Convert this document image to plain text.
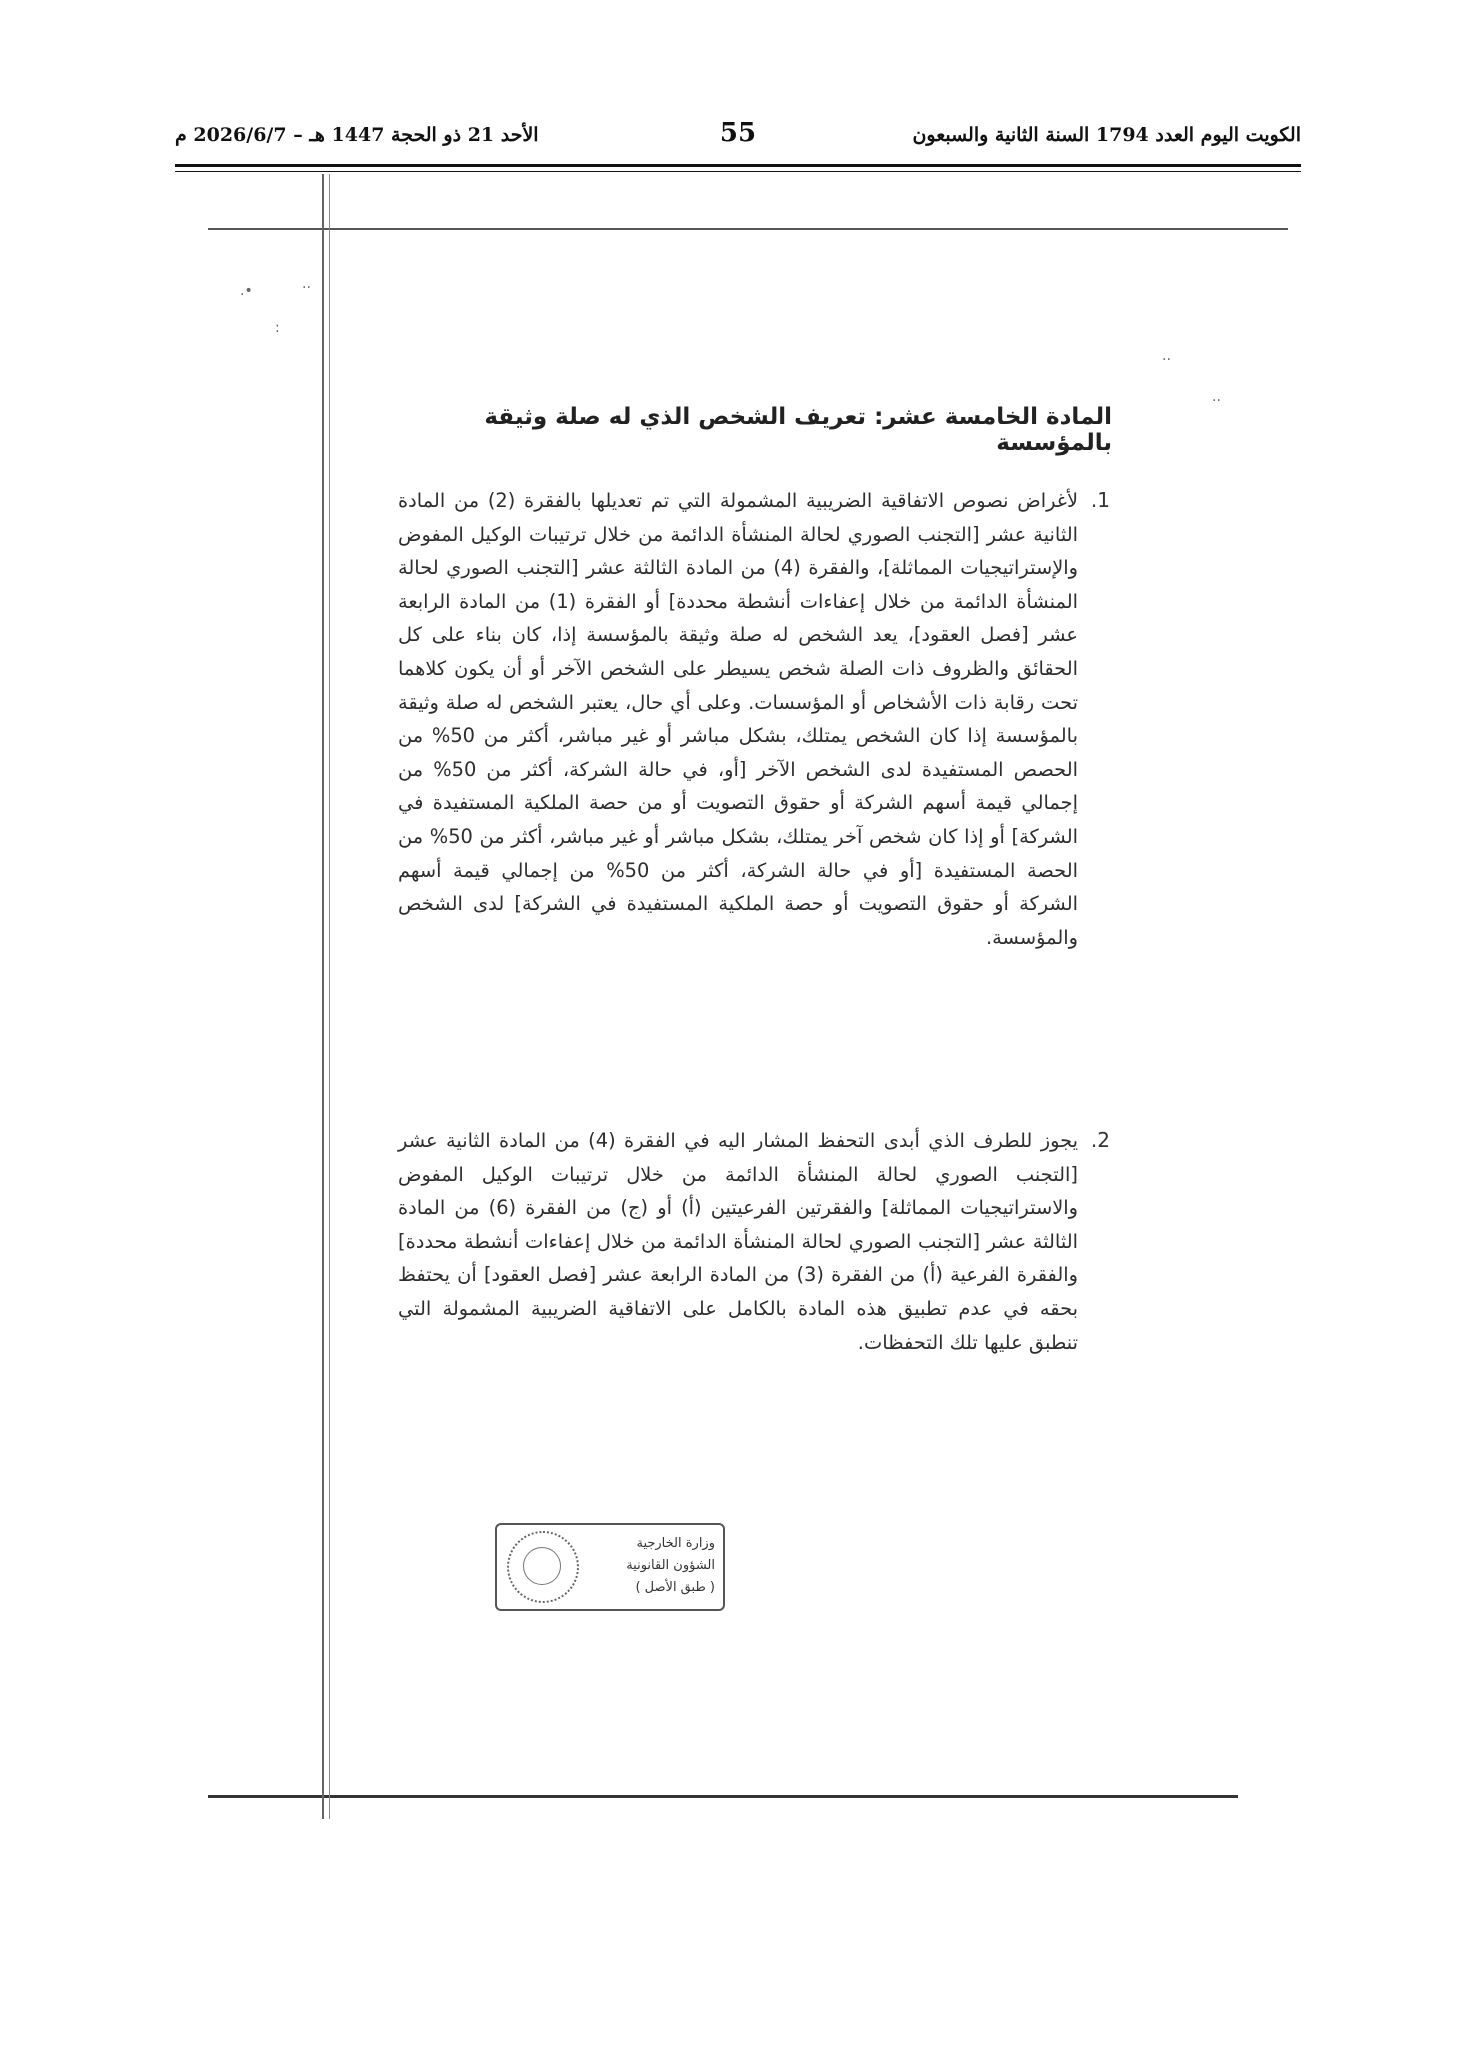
الكويت اليوم العدد 1794 السنة الثانية والسبعون
55
الأحد 21 ذو الحجة 1447 هـ – 2026/6/7 م
•.	··
:
··
··
المادة الخامسة عشر: تعريف الشخص الذي له صلة وثيقة بالمؤسسة
1.
لأغراض نصوص الاتفاقية الضريبية المشمولة التي تم تعديلها بالفقرة (2) من المادة الثانية عشر [التجنب الصوري لحالة المنشأة الدائمة من خلال ترتيبات الوكيل المفوض والإستراتيجيات المماثلة]، والفقرة (4) من المادة الثالثة عشر [التجنب الصوري لحالة المنشأة الدائمة من خلال إعفاءات أنشطة محددة] أو الفقرة (1) من المادة الرابعة عشر [فصل العقود]، يعد الشخص له صلة وثيقة بالمؤسسة إذا، كان بناء على كل الحقائق والظروف ذات الصلة شخص يسيطر على الشخص الآخر أو أن يكون كلاهما تحت رقابة ذات الأشخاص أو المؤسسات. وعلى أي حال، يعتبر الشخص له صلة وثيقة بالمؤسسة إذا كان الشخص يمتلك، بشكل مباشر أو غير مباشر، أكثر من 50% من الحصص المستفيدة لدى الشخص الآخر [أو، في حالة الشركة، أكثر من 50% من إجمالي قيمة أسهم الشركة أو حقوق التصويت أو من حصة الملكية المستفيدة في الشركة] أو إذا كان شخص آخر يمتلك، بشكل مباشر أو غير مباشر، أكثر من 50% من الحصة المستفيدة [أو في حالة الشركة، أكثر من 50% من إجمالي قيمة أسهم الشركة أو حقوق التصويت أو حصة الملكية المستفيدة في الشركة] لدى الشخص والمؤسسة.
2.
يجوز للطرف الذي أبدى التحفظ المشار اليه في الفقرة (4) من المادة الثانية عشر [التجنب الصوري لحالة المنشأة الدائمة من خلال ترتيبات الوكيل المفوض والاستراتيجيات المماثلة] والفقرتين الفرعيتين (أ) أو (ج) من الفقرة (6) من المادة الثالثة عشر [التجنب الصوري لحالة المنشأة الدائمة من خلال إعفاءات أنشطة محددة] والفقرة الفرعية (أ) من الفقرة (3) من المادة الرابعة عشر [فصل العقود] أن يحتفظ بحقه في عدم تطبيق هذه المادة بالكامل على الاتفاقية الضريبية المشمولة التي تنطبق عليها تلك التحفظات.
وزارة الخارجية
الشؤون القانونية
( طبق الأصل )
